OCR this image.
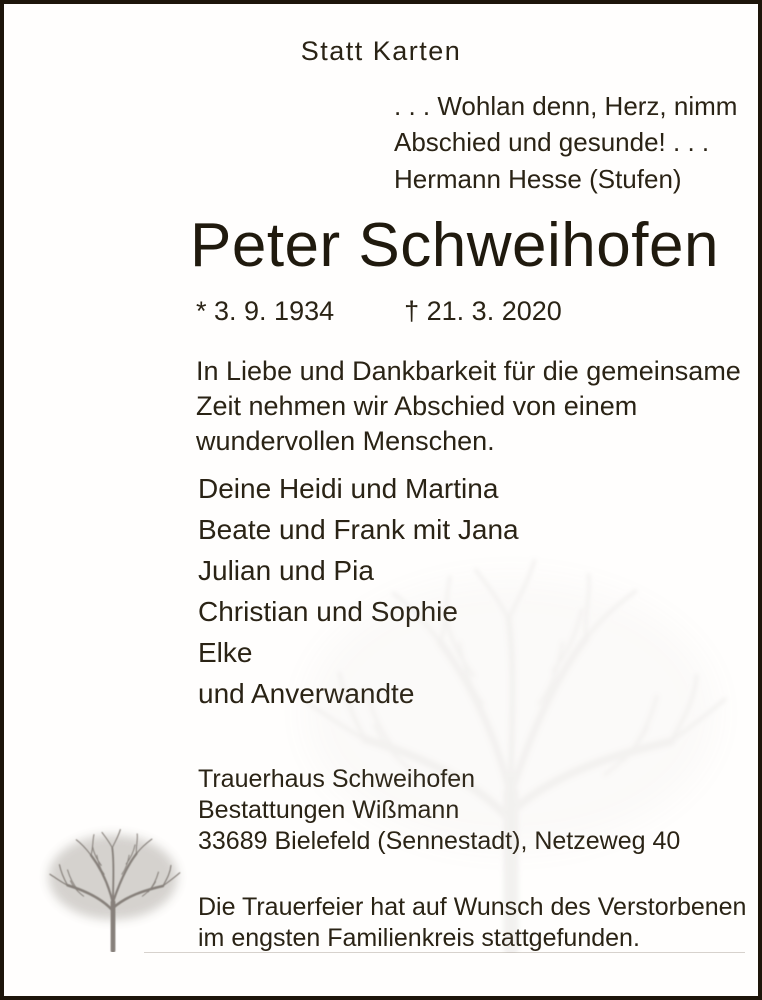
Statt Karten
. . . Wohlan denn, Herz, nimm
Abschied und gesunde! . . .
Hermann Hesse (Stufen)
Peter Schweihofen
* 3. 9. 1934	† 21. 3. 2020
In Liebe und Dankbarkeit für die gemeinsame
Zeit nehmen wir Abschied von einem
wundervollen Menschen.
Deine Heidi und Martina
Beate und Frank mit Jana
Julian und Pia
Christian und Sophie
Elke
und Anverwandte
Trauerhaus Schweihofen
Bestattungen Wißmann
33689 Bielefeld (Sennestadt), Netzeweg 40
Die Trauerfeier hat auf Wunsch des Verstorbenen
im engsten Familienkreis stattgefunden.
